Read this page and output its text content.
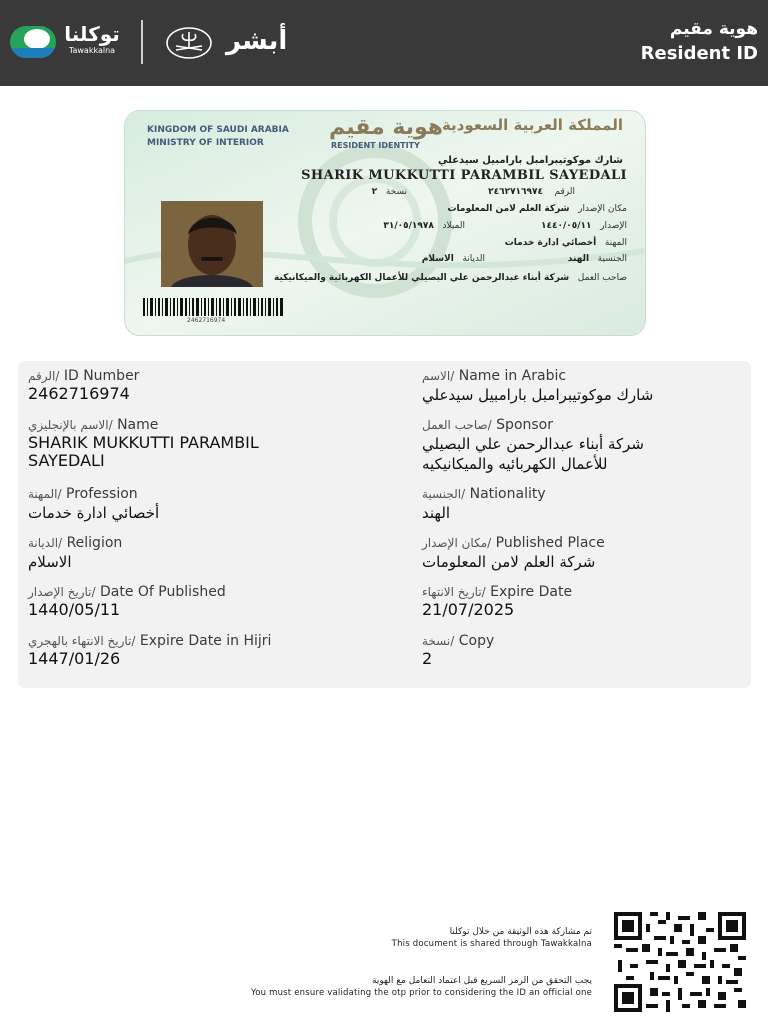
توكلنا
Tawakkalna	أبشر	هوية مقيم
Resident ID
KINGDOM OF SAUDI ARABIA
MINISTRY OF INTERIOR
هوية مقيم
RESIDENT IDENTITY
المملكة العربية السعودية
شارك موكوتيبرامبل بارامبيل سيدعلي
SHARIK MUKKUTTI PARAMBIL SAYEDALI
الرقم    ٢٤٦٢٧١٦٩٧٤
نسخة   ٢
مكان الإصدار   شركة العلم لامن المعلومات
الإصدار   ١٤٤٠/٠٥/١١
الميلاد   ٣١/٠٥/١٩٧٨
المهنة   أخصائي ادارة خدمات
الجنسية   الهند
الديانة   الاسلام
صاحب العمل   شركة أبناء عبدالرحمن علي البصيلي للأعمال الكهربائية والميكانيكية
2462716974
الرقم/ ID Number
2462716974
الاسم/ Name in Arabic
شارك موكوتيبرامبل بارامبيل سيدعلي
الاسم بالإنجليزي/ Name
SHARIK MUKKUTTI PARAMBIL
SAYEDALI
صاحب العمل/ Sponsor
شركة أبناء عبدالرحمن علي البصيلي
للأعمال الكهربائيه والميكانيكيه
المهنة/ Profession
أخصائي ادارة خدمات
الجنسية/ Nationality
الهند
الديانة/ Religion
الاسلام
مكان الإصدار/ Published Place
شركة العلم لامن المعلومات
تاريخ الإصدار/ Date Of Published
1440/05/11
تاريخ الانتهاء/ Expire Date
21/07/2025
تاريخ الانتهاء بالهجري/ Expire Date in Hijri
1447/01/26
نسخة/ Copy
2
تم مشاركة هذه الوثيقة من خلال توكلنا
This document is shared through Tawakkalna
يجب التحقق من الرمز السريع قبل اعتماد التعامل مع الهوية
You must ensure validating the otp prior to considering the ID an official one
